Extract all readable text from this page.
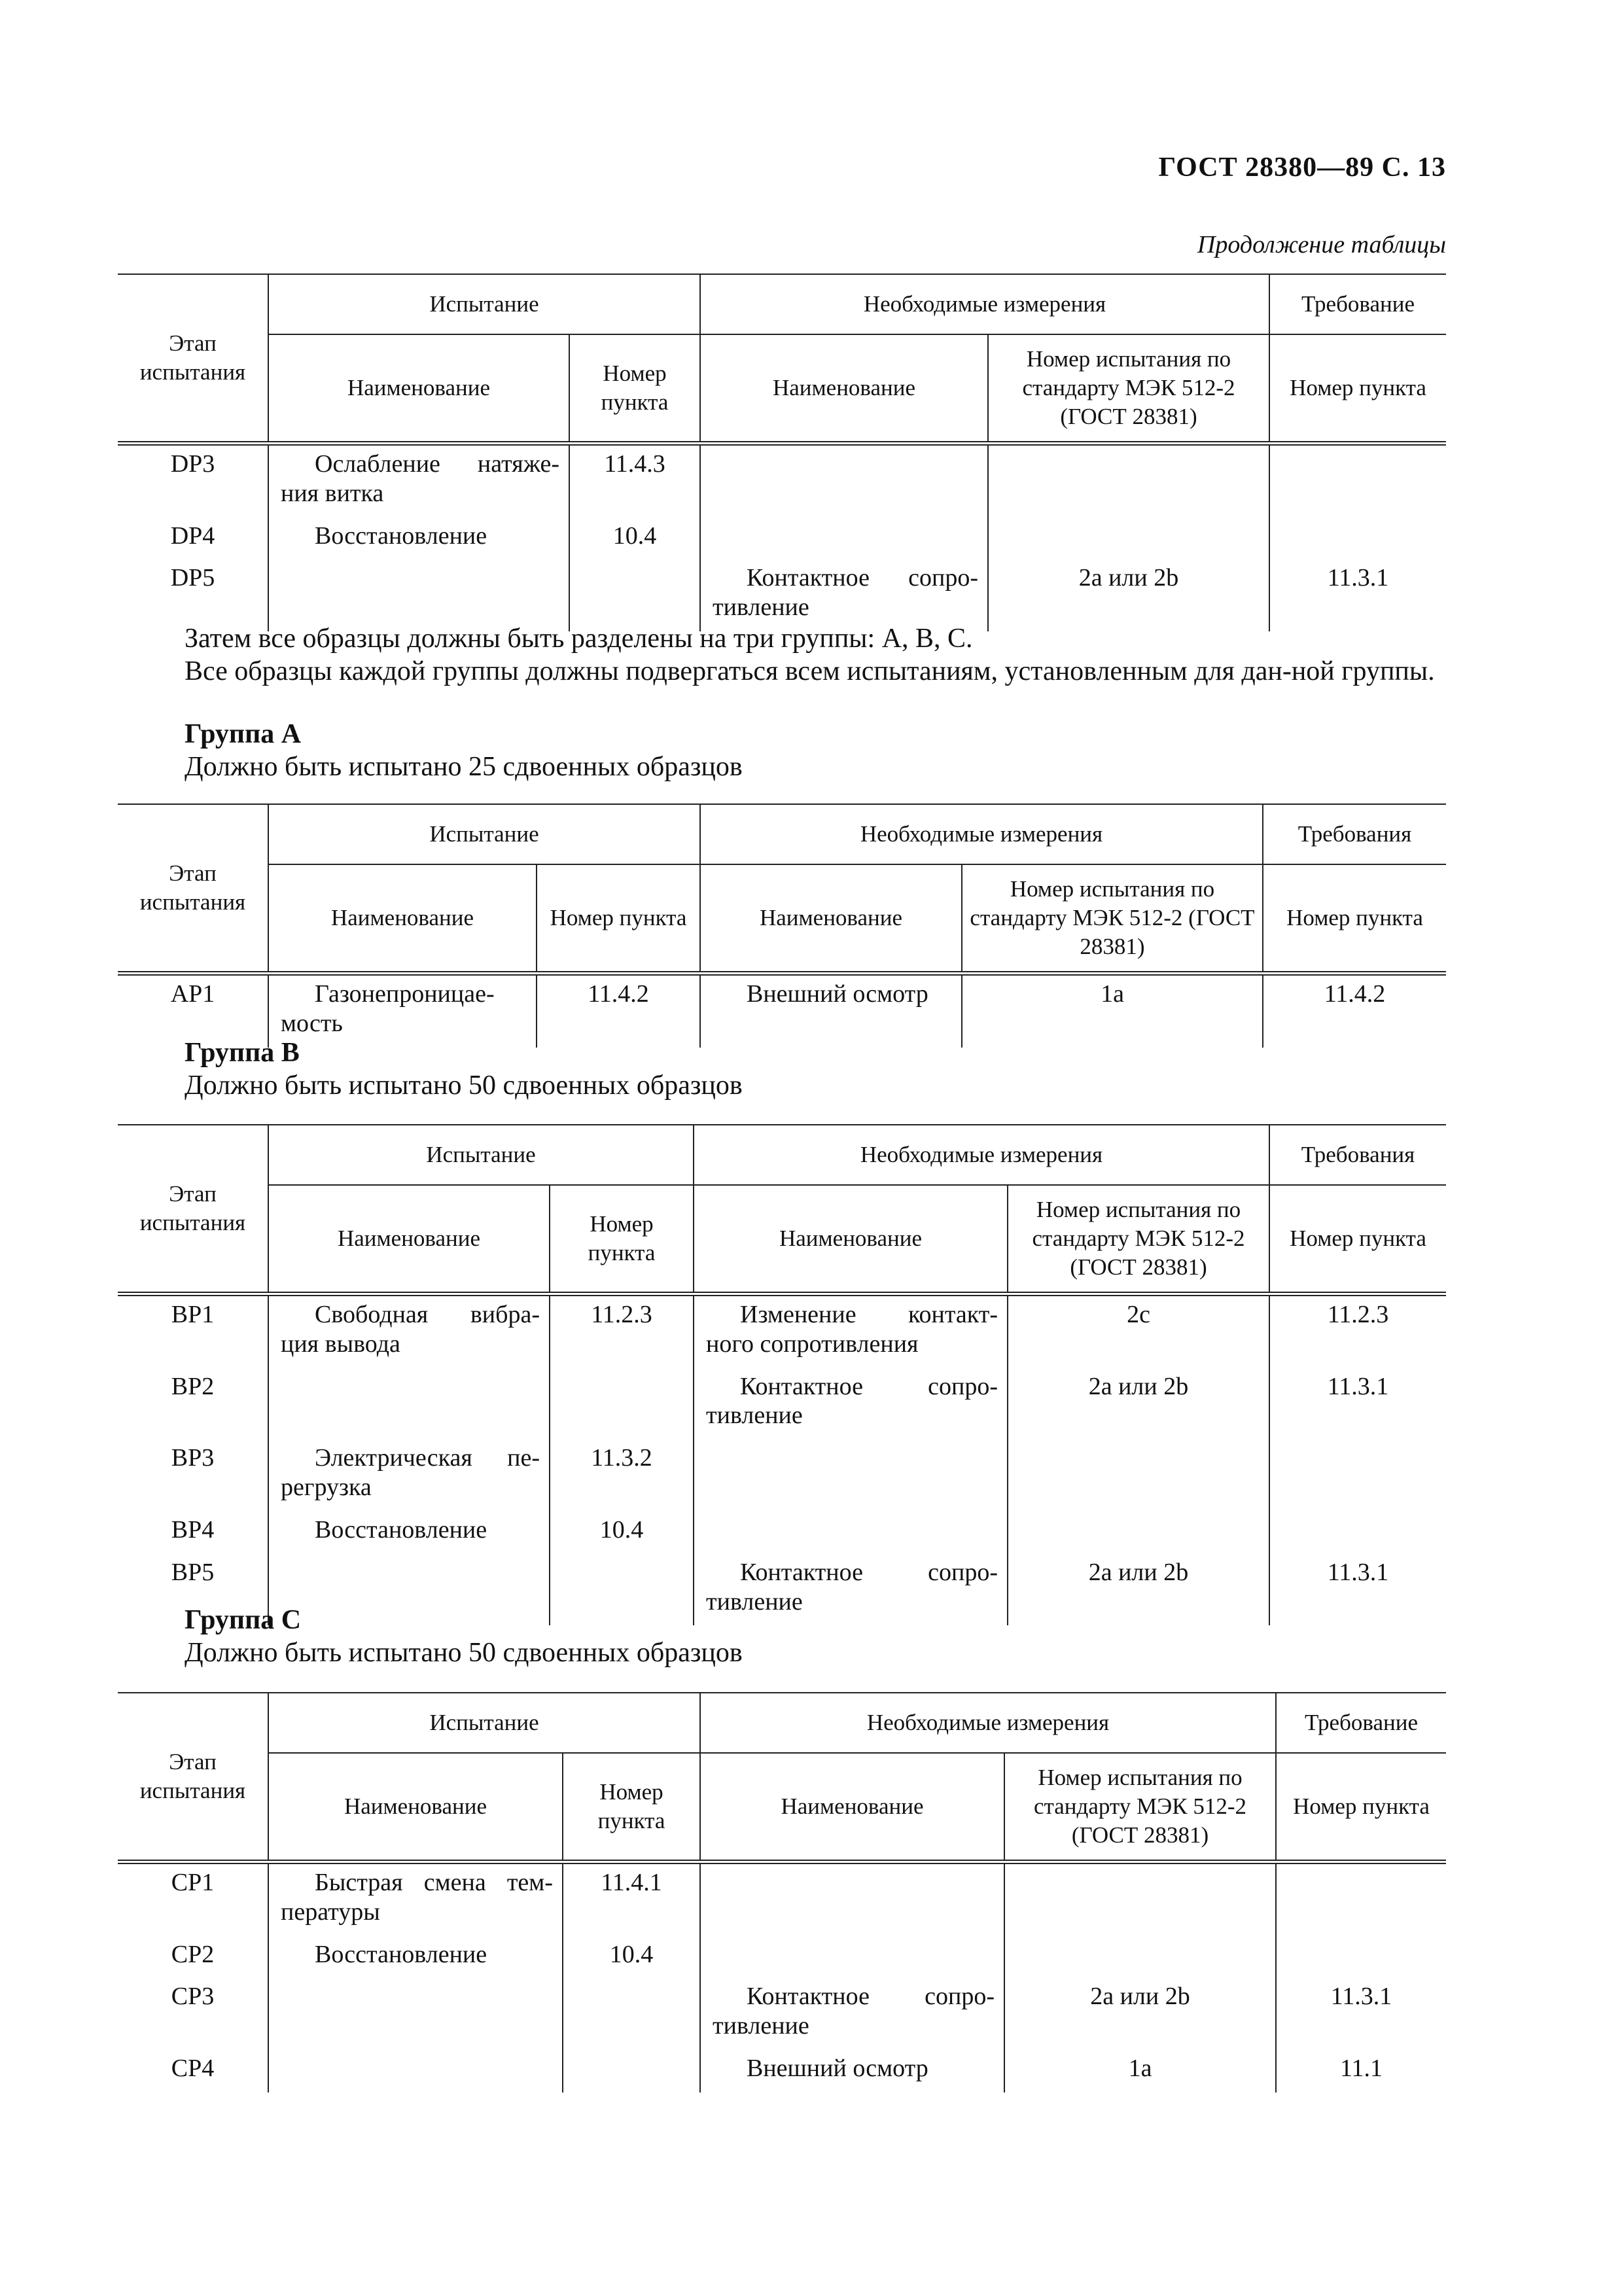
ГОСТ 28380—89 С. 13
Продолжение таблицы
Этап испытания	Испытание		Необходимые измерения		Требование
	Наименование	Номер пункта	Наименование	Номер испытания по стандарту МЭК 512-2 (ГОСТ 28381)	Номер пункта
DP3	Ослабление натяже-ния витка	11.4.3			
DP4	Восстановление	10.4			
DP5			Контактное сопро-тивление	2a или 2b	11.3.1
Затем все образцы должны быть разделены на три группы: А, В, С.
Все образцы каждой группы должны подвергаться всем испытаниям, установленным для дан-ной группы.
Группа А
Должно быть испытано 25 сдвоенных образцов
Этап испытания	Испытание		Необходимые измерения		Требования
	Наименование	Номер пункта	Наименование	Номер испытания по стандарту МЭК 512-2 (ГОСТ 28381)	Номер пункта
AP1	Газонепроницае-мость	11.4.2	Внешний осмотр	1a	11.4.2
Группа В
Должно быть испытано 50 сдвоенных образцов
Этап испытания	Испытание		Необходимые измерения		Требования
	Наименование	Номер пункта	Наименование	Номер испытания по стандарту МЭК 512-2 (ГОСТ 28381)	Номер пункта
BP1	Свободная вибра-ция вывода	11.2.3	Изменение контакт-ного сопротивления	2c	11.2.3
BP2			Контактное сопро-тивление	2a или 2b	11.3.1
BP3	Электрическая пе-регрузка	11.3.2			
BP4	Восстановление	10.4			
BP5			Контактное сопро-тивление	2a или 2b	11.3.1
Группа С
Должно быть испытано 50 сдвоенных образцов
Этап испытания	Испытание		Необходимые измерения		Требование
	Наименование	Номер пункта	Наименование	Номер испытания по стандарту МЭК 512-2 (ГОСТ 28381)	Номер пункта
CP1	Быстрая смена тем-пературы	11.4.1			
CP2	Восстановление	10.4			
CP3			Контактное сопро-тивление	2a или 2b	11.3.1
CP4			Внешний осмотр	1a	11.1
